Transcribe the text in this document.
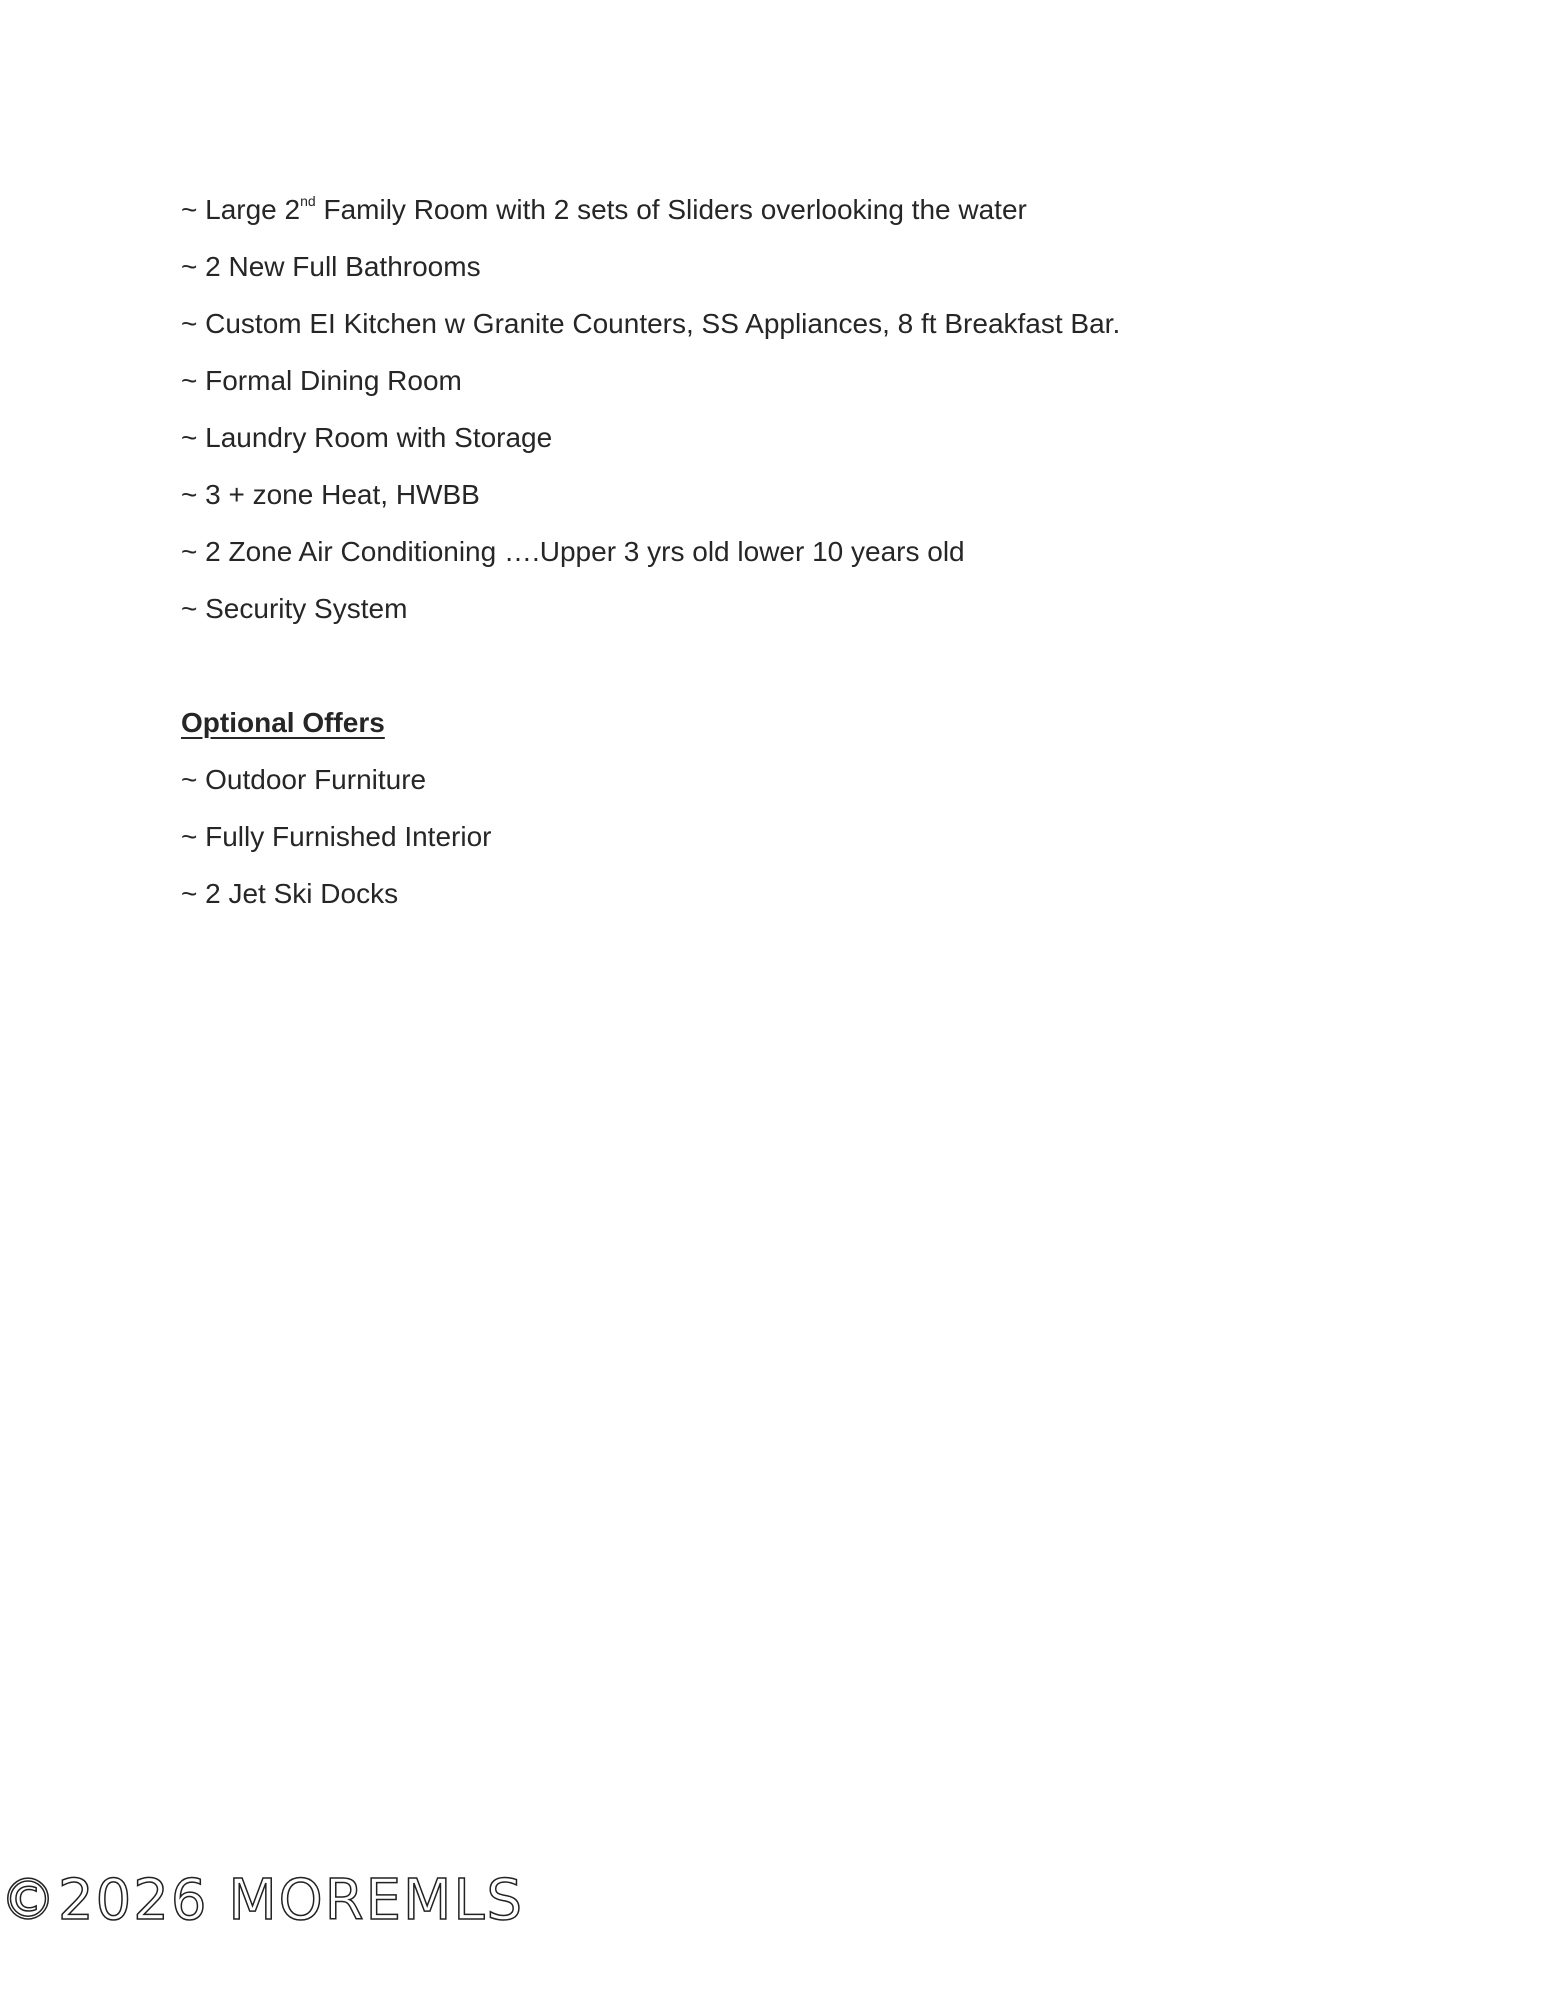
~ Large 2nd Family Room with 2 sets of Sliders overlooking the water
~ 2 New Full Bathrooms
~ Custom EI Kitchen w Granite Counters, SS Appliances, 8 ft Breakfast Bar.
~ Formal Dining Room
~ Laundry Room with Storage
~ 3 + zone Heat, HWBB
~ 2 Zone Air Conditioning ….Upper 3 yrs old lower 10 years old
~ Security System
Optional Offers
~ Outdoor Furniture
~ Fully Furnished Interior
~ 2 Jet Ski Docks
©2026 MOREMLS
